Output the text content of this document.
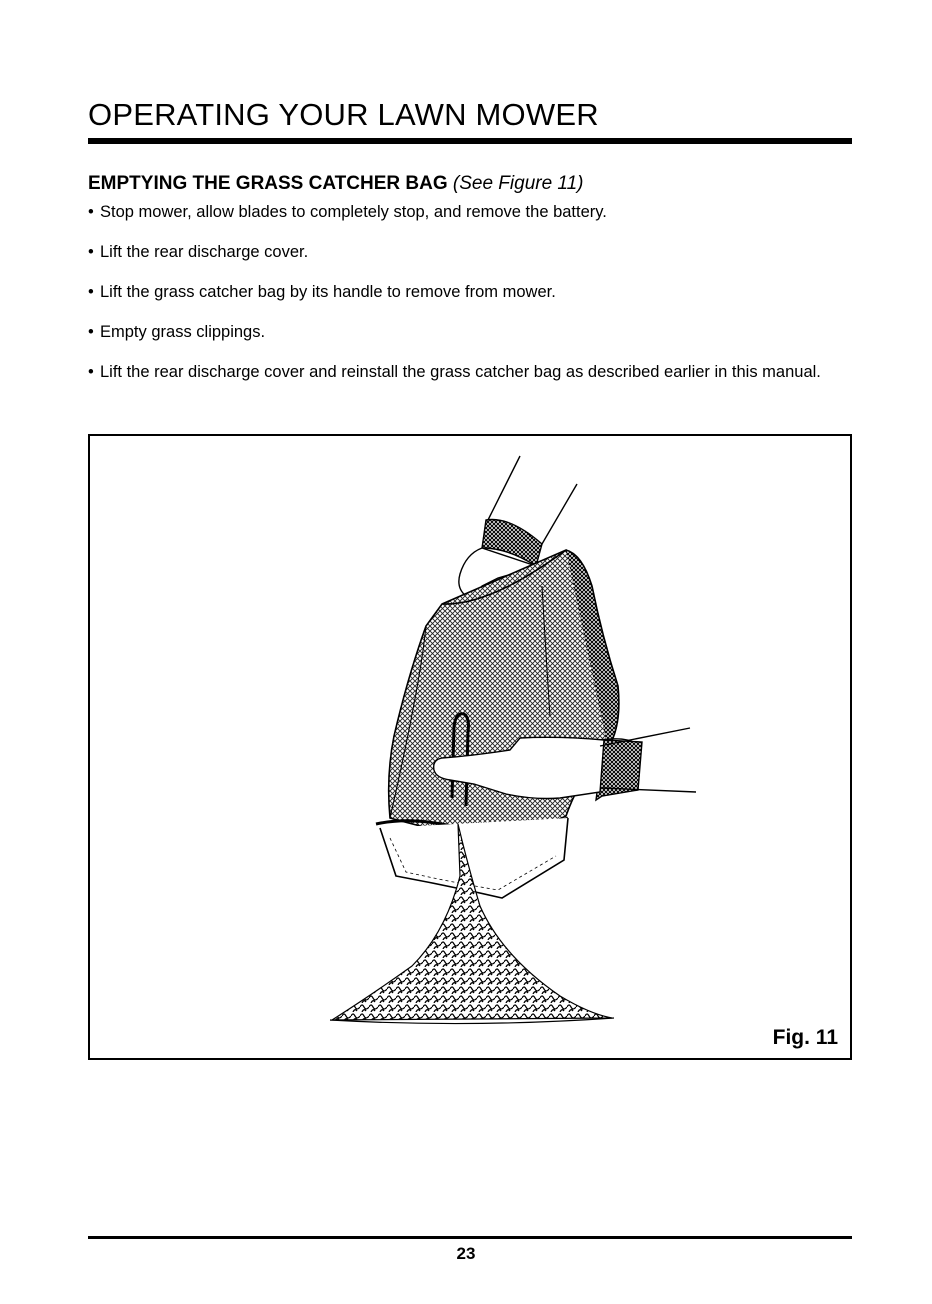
OPERATING YOUR LAWN MOWER
EMPTYING THE GRASS CATCHER BAG (See Figure 11)
• Stop mower, allow blades to completely stop, and remove the battery.
• Lift the rear discharge cover.
• Lift the grass catcher bag by its handle to remove from mower.
• Empty grass clippings.
• Lift the rear discharge cover and reinstall the grass catcher bag as described earlier in this manual.
Fig. 11
23
